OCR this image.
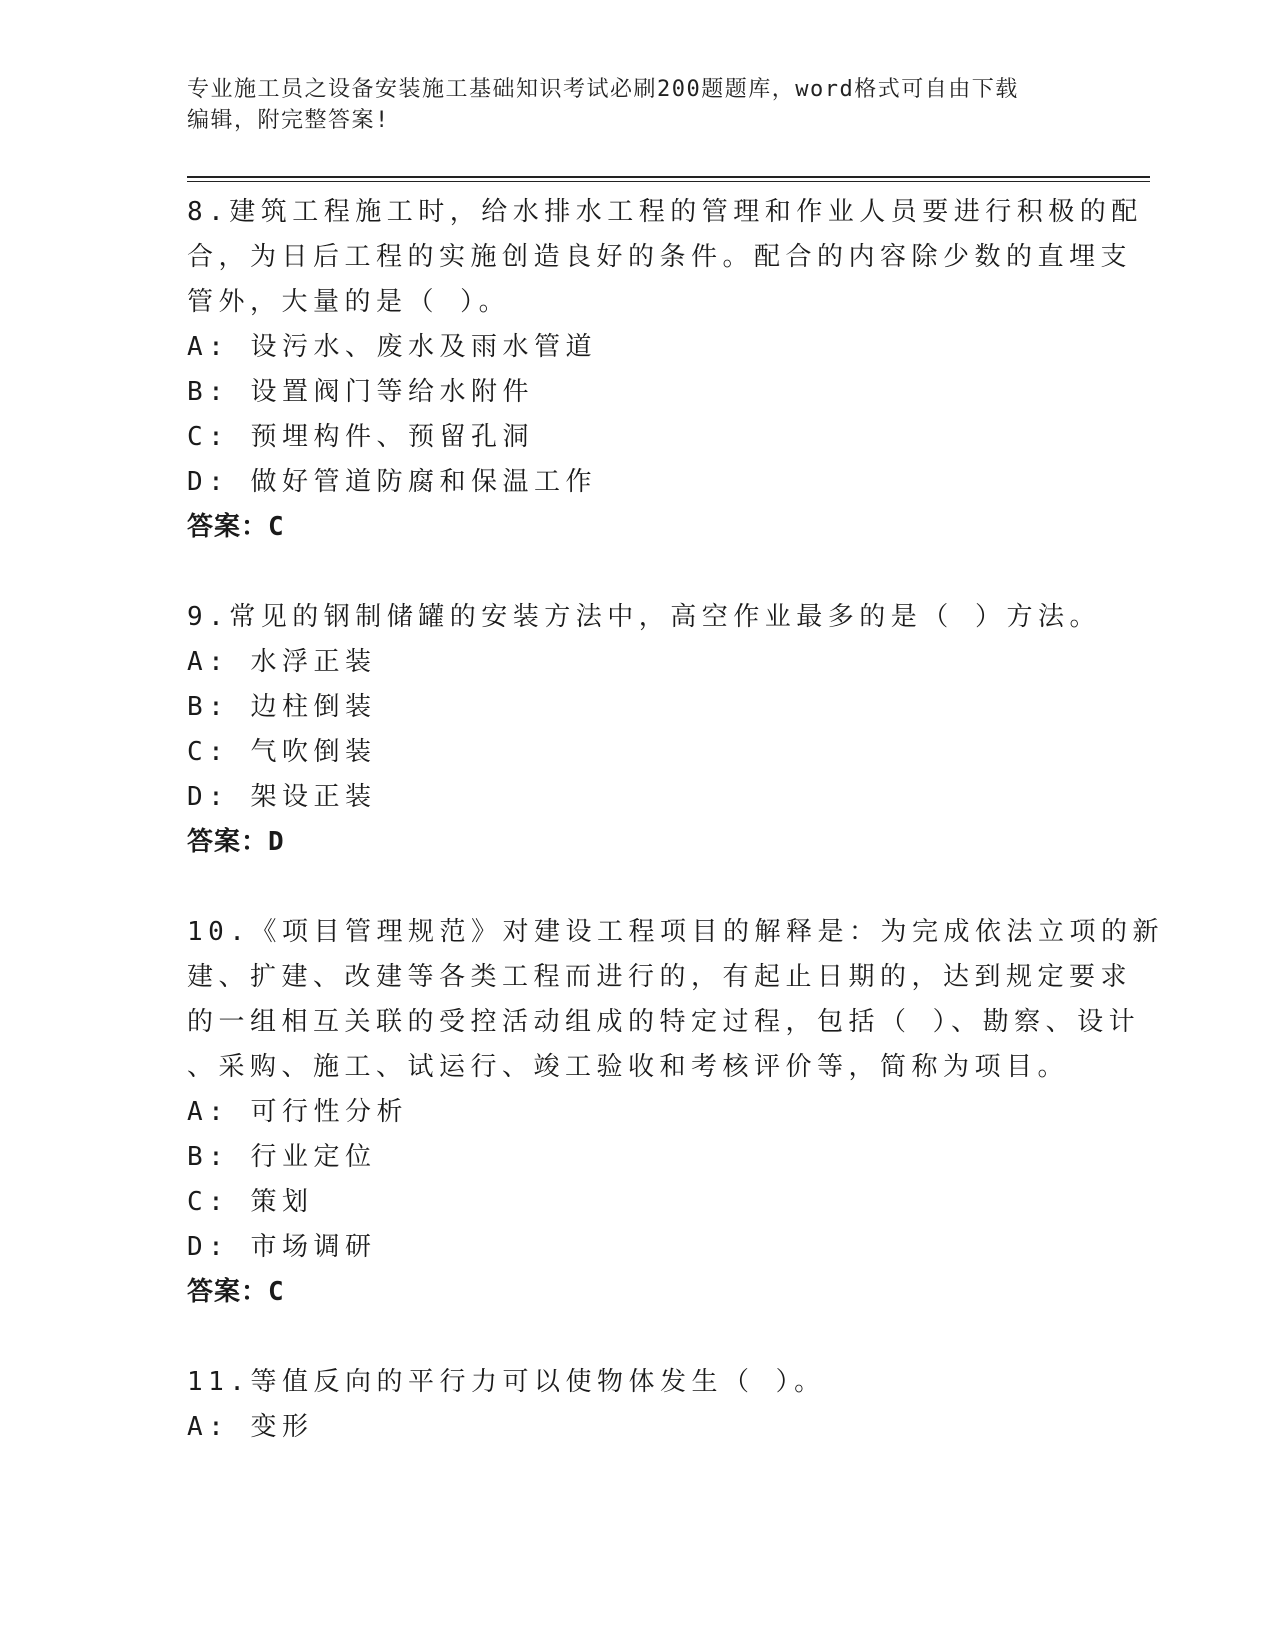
专业施工员之设备安装施工基础知识考试必刷200题题库，word格式可自由下载
编辑，附完整答案!
8.建筑工程施工时，给水排水工程的管理和作业人员要进行积极的配
合，为日后工程的实施创造良好的条件。配合的内容除少数的直埋支
管外，大量的是（ ）。
A: 设污水、废水及雨水管道
B: 设置阀门等给水附件
C: 预埋构件、预留孔洞
D: 做好管道防腐和保温工作
答案：C
9.常见的钢制储罐的安装方法中，高空作业最多的是（ ）方法。
A: 水浮正装
B: 边柱倒装
C: 气吹倒装
D: 架设正装
答案：D
10.《项目管理规范》对建设工程项目的解释是：为完成依法立项的新
建、扩建、改建等各类工程而进行的，有起止日期的，达到规定要求
的一组相互关联的受控活动组成的特定过程，包括（ ）、勘察、设计
、采购、施工、试运行、竣工验收和考核评价等，简称为项目。
A: 可行性分析
B: 行业定位
C: 策划
D: 市场调研
答案：C
11.等值反向的平行力可以使物体发生（ ）。
A: 变形
